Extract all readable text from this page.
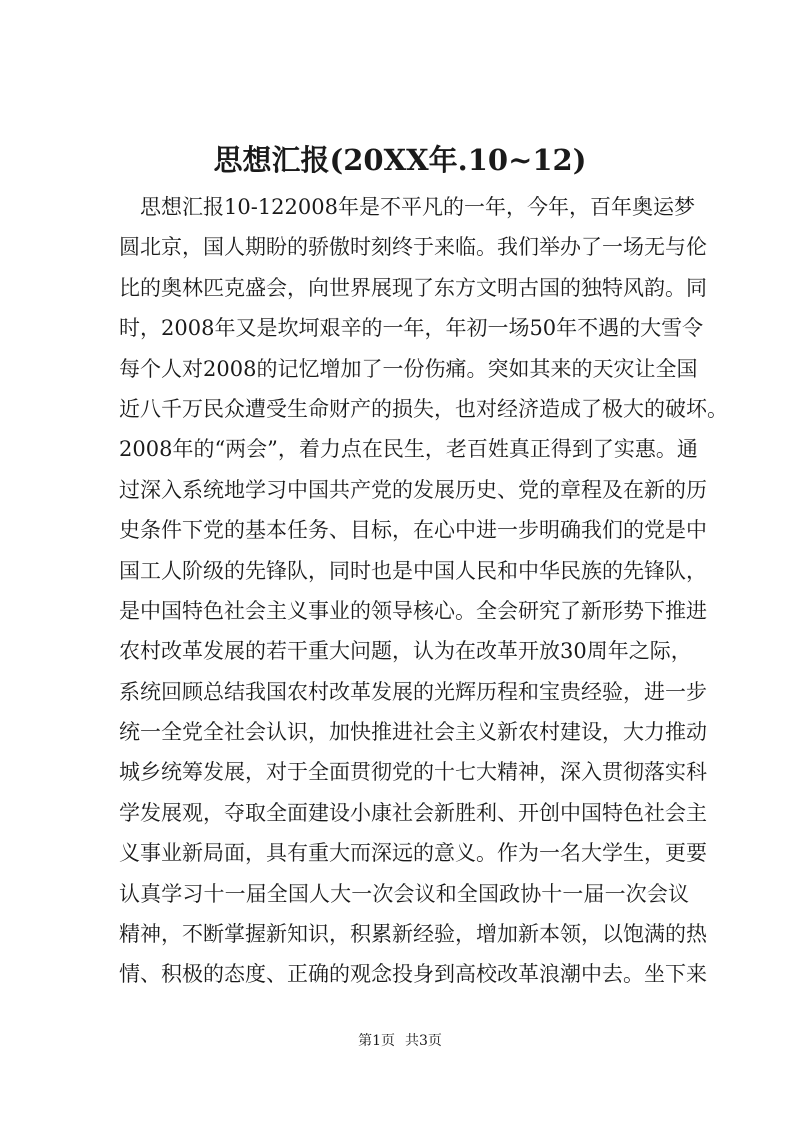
思想汇报(20XX年.10~12)
思想汇报10-122008年是不平凡的一年，今年，百年奥运梦
圆北京，国人期盼的骄傲时刻终于来临。我们举办了一场无与伦
比的奥林匹克盛会，向世界展现了东方文明古国的独特风韵。同
时，2008年又是坎坷艰辛的一年，年初一场50年不遇的大雪令
每个人对2008的记忆增加了一份伤痛。突如其来的天灾让全国
近八千万民众遭受生命财产的损失，也对经济造成了极大的破坏。
2008年的“两会”，着力点在民生，老百姓真正得到了实惠。通
过深入系统地学习中国共产党的发展历史、党的章程及在新的历
史条件下党的基本任务、目标，在心中进一步明确我们的党是中
国工人阶级的先锋队，同时也是中国人民和中华民族的先锋队，
是中国特色社会主义事业的领导核心。全会研究了新形势下推进
农村改革发展的若干重大问题，认为在改革开放30周年之际，
系统回顾总结我国农村改革发展的光辉历程和宝贵经验，进一步
统一全党全社会认识，加快推进社会主义新农村建设，大力推动
城乡统筹发展，对于全面贯彻党的十七大精神，深入贯彻落实科
学发展观，夺取全面建设小康社会新胜利、开创中国特色社会主
义事业新局面，具有重大而深远的意义。作为一名大学生，更要
认真学习十一届全国人大一次会议和全国政协十一届一次会议
精神，不断掌握新知识，积累新经验，增加新本领，以饱满的热
情、积极的态度、正确的观念投身到高校改革浪潮中去。坐下来
第1页 共3页
